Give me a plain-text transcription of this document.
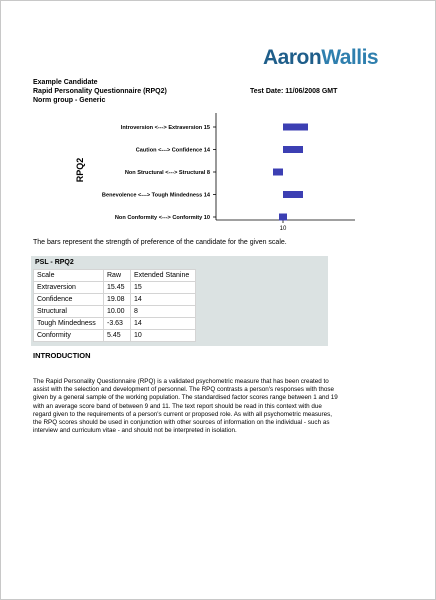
AaronWallis
Example Candidate
Rapid Personality Questionnaire (RPQ2)
Norm group - Generic
Test Date: 11/06/2008 GMT
10
RPQ2
Introversion <---> Extraversion 15
Caution <---> Confidence 14
Non Structural <---> Structural 8
Benevolence <---> Tough Mindedness 14
Non Conformity <---> Conformity 10
The bars represent the strength of preference of the candidate for the given scale.
PSL - RPQ2
Scale	Raw	Extended Stanine
Extraversion	15.45	15
Confidence	19.08	14
Structural	10.00	8
Tough Mindedness	-3.63	14
Conformity	5.45	10
INTRODUCTION

The Rapid Personality Questionnaire (RPQ) is a validated psychometric measure that has been created to

assist with the selection and development of personnel. The RPQ contrasts a person's responses with those

given by a general sample of the working population. The standardised factor scores range between 1 and 19

with an average score band of between 9 and 11. The text report should be read in this context with due

regard given to the requirements of a person's current or proposed role. As with all psychometric measures,

the RPQ scores should be used in conjunction with other sources of information on the individual - such as

interview and curriculum vitae - and should not be interpreted in isolation.
